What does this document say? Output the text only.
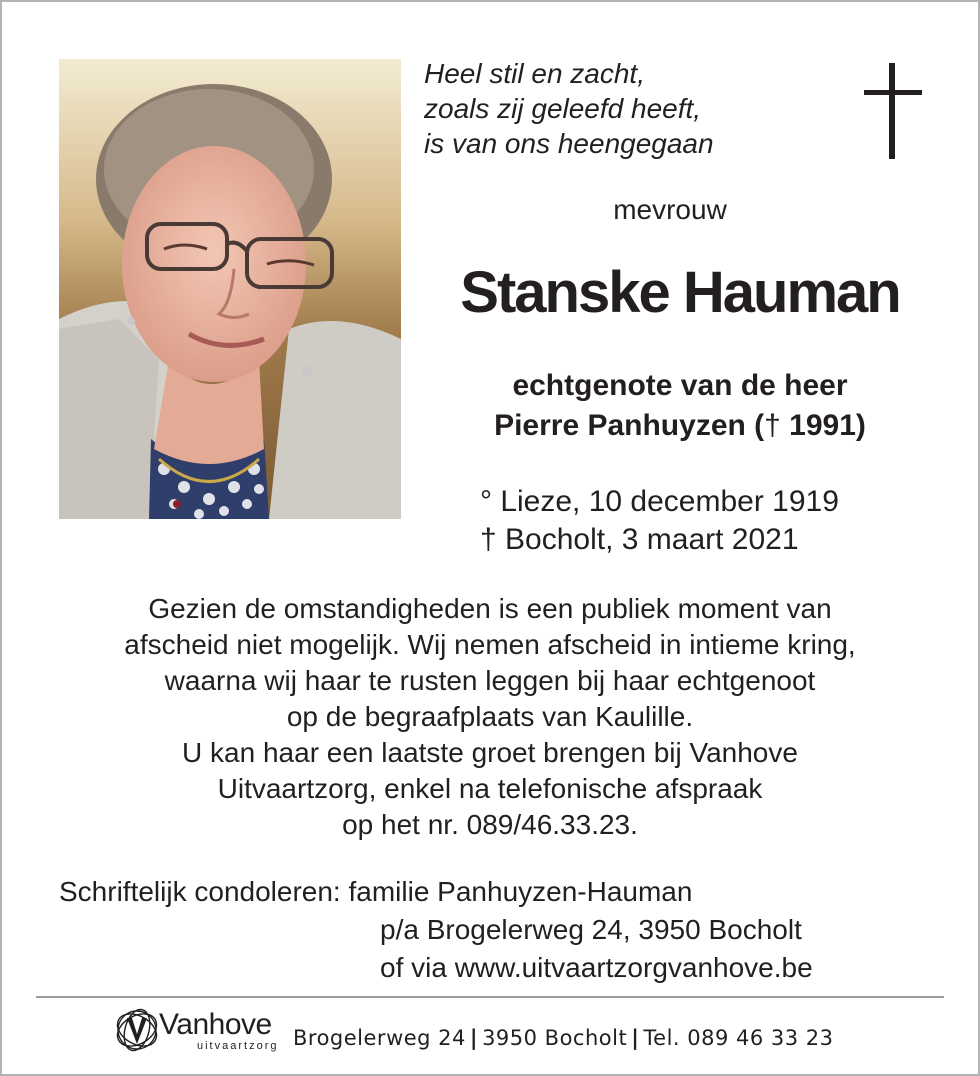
Heel stil en zacht,
zoals zij geleefd heeft,
is van ons heengegaan
mevrouw
Stanske Hauman
echtgenote van de heer
Pierre Panhuyzen († 1991)
° Lieze, 10 december 1919
† Bocholt, 3 maart 2021
Gezien de omstandigheden is een publiek moment van
afscheid niet mogelijk. Wij nemen afscheid in intieme kring,
waarna wij haar te rusten leggen bij haar echtgenoot
op de begraafplaats van Kaulille.
U kan haar een laatste groet brengen bij Vanhove
Uitvaartzorg, enkel na telefonische afspraak
op het nr. 089/46.33.23.
Schriftelijk condoleren: familie Panhuyzen-Hauman
p/a Brogelerweg 24, 3950 Bocholt
of via www.uitvaartzorgvanhove.be
Vanhove
uitvaartzorg Brogelerweg 24 | 3950 Bocholt | Tel. 089 46 33 23
